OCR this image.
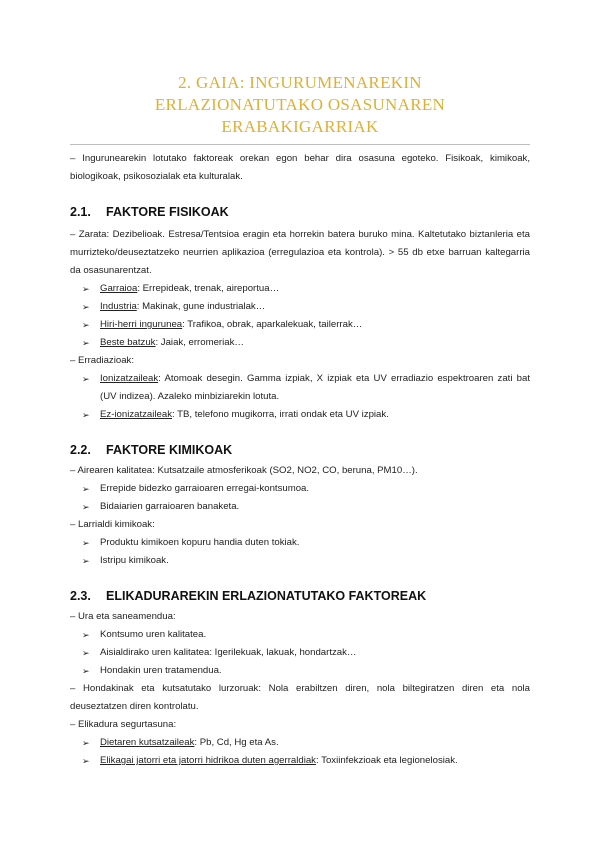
2. GAIA: INGURUMENAREKIN
ERLAZIONATUTAKO OSASUNAREN
ERABAKIGARRIAK

– Ingurunearekin lotutako faktoreak orekan egon behar dira osasuna egoteko. Fisikoak, kimikoak, biologikoak, psikosozialak eta kulturalak.

2.1. FAKTORE FISIKOAK

– Zarata: Dezibelioak. Estresa/Tentsioa eragin eta horrekin batera buruko mina. Kaltetutako biztanleria eta murrizteko/deuseztatzeko neurrien aplikazioa (erregulazioa eta kontrola). > 55 db etxe barruan kaltegarria da osasunarentzat.

➢ Garraioa: Errepideak, trenak, aireportua…

➢ Industria: Makinak, gune industrialak…

➢ Hiri-herri ingurunea: Trafikoa, obrak, aparkalekuak, tailerrak…

➢ Beste batzuk: Jaiak, erromeriak…

– Erradiazioak:

➢ Ionizatzaileak: Atomoak desegin. Gamma izpiak, X izpiak eta UV erradiazio espektroaren zati bat (UV indizea). Azaleko minbiziarekin lotuta.

➢ Ez-ionizatzaileak: TB, telefono mugikorra, irrati ondak eta UV izpiak.

2.2. FAKTORE KIMIKOAK

– Airearen kalitatea: Kutsatzaile atmosferikoak (SO2, NO2, CO, beruna, PM10…).

➢ Errepide bidezko garraioaren erregai-kontsumoa.

➢ Bidaiarien garraioaren banaketa.

– Larrialdi kimikoak:

➢ Produktu kimikoen kopuru handia duten tokiak.

➢ Istripu kimikoak.

2.3. ELIKADURAREKIN ERLAZIONATUTAKO FAKTOREAK

– Ura eta saneamendua:

➢ Kontsumo uren kalitatea.

➢ Aisialdirako uren kalitatea: Igerilekuak, lakuak, hondartzak…

➢ Hondakin uren tratamendua.

– Hondakinak eta kutsatutako lurzoruak: Nola erabiltzen diren, nola biltegiratzen diren eta nola deuseztatzen diren kontrolatu.

– Elikadura segurtasuna:

➢ Dietaren kutsatzaileak: Pb, Cd, Hg eta As.

➢ Elikagai jatorri eta jatorri hidrikoa duten agerraldiak: Toxiinfekzioak eta legionelosiak.
